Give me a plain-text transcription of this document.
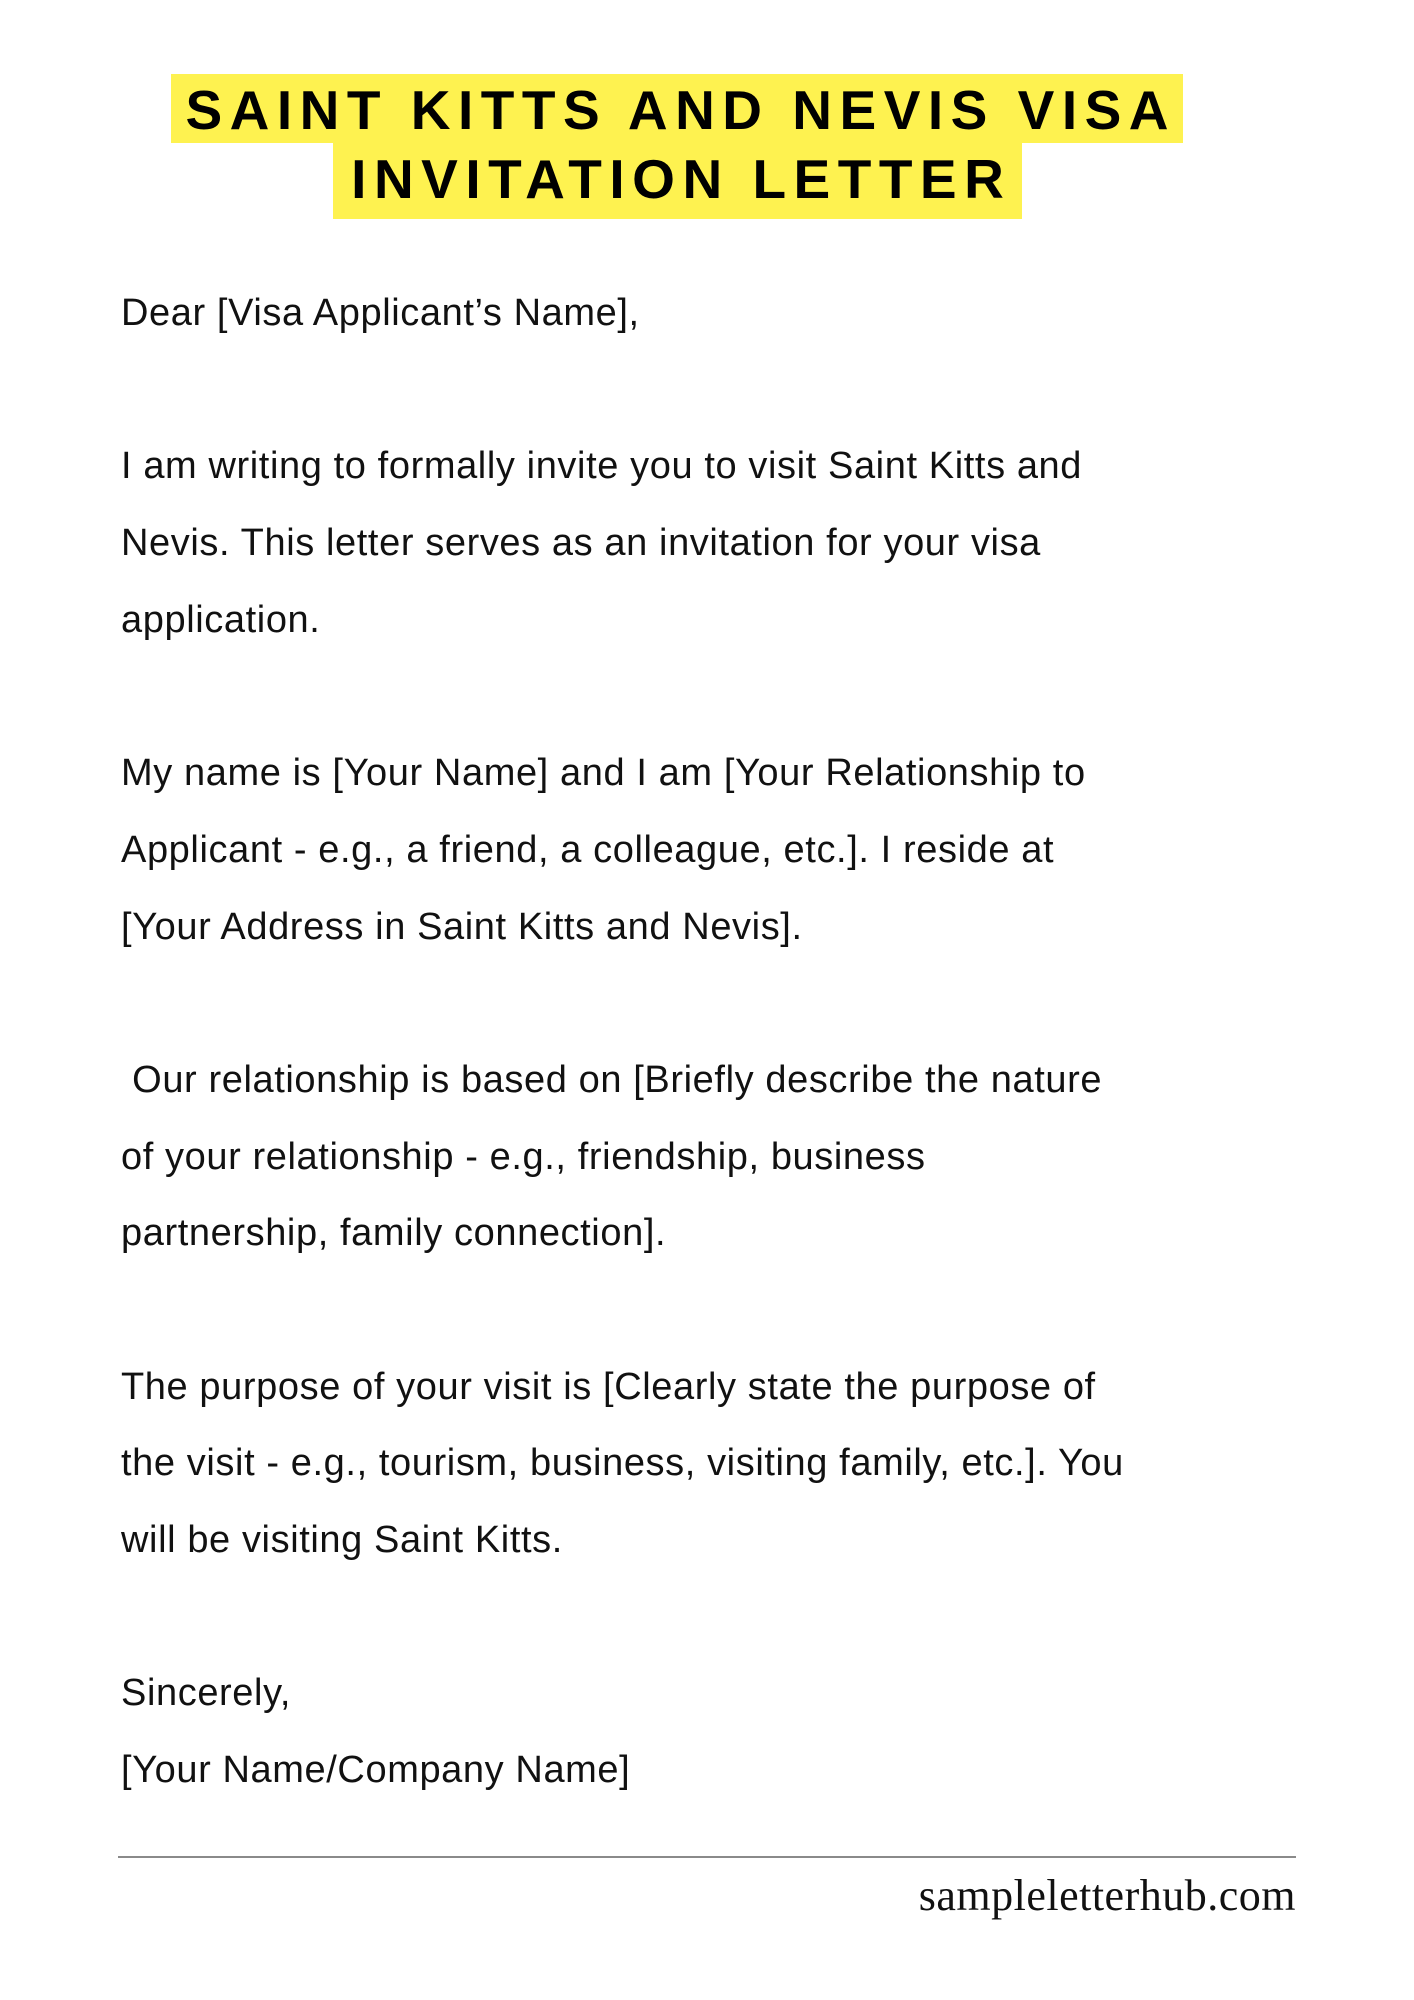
SAINT KITTS AND NEVIS VISA
INVITATION LETTER
Dear [Visa Applicant’s Name],
I am writing to formally invite you to visit Saint Kitts and
Nevis. This letter serves as an invitation for your visa
application.
My name is [Your Name] and I am [Your Relationship to
Applicant - e.g., a friend, a colleague, etc.]. I reside at
[Your Address in Saint Kitts and Nevis].
Our relationship is based on [Briefly describe the nature
of your relationship - e.g., friendship, business
partnership, family connection].
The purpose of your visit is [Clearly state the purpose of
the visit - e.g., tourism, business, visiting family, etc.]. You
will be visiting Saint Kitts.
Sincerely,
[Your Name/Company Name]
sampleletterhub.com
